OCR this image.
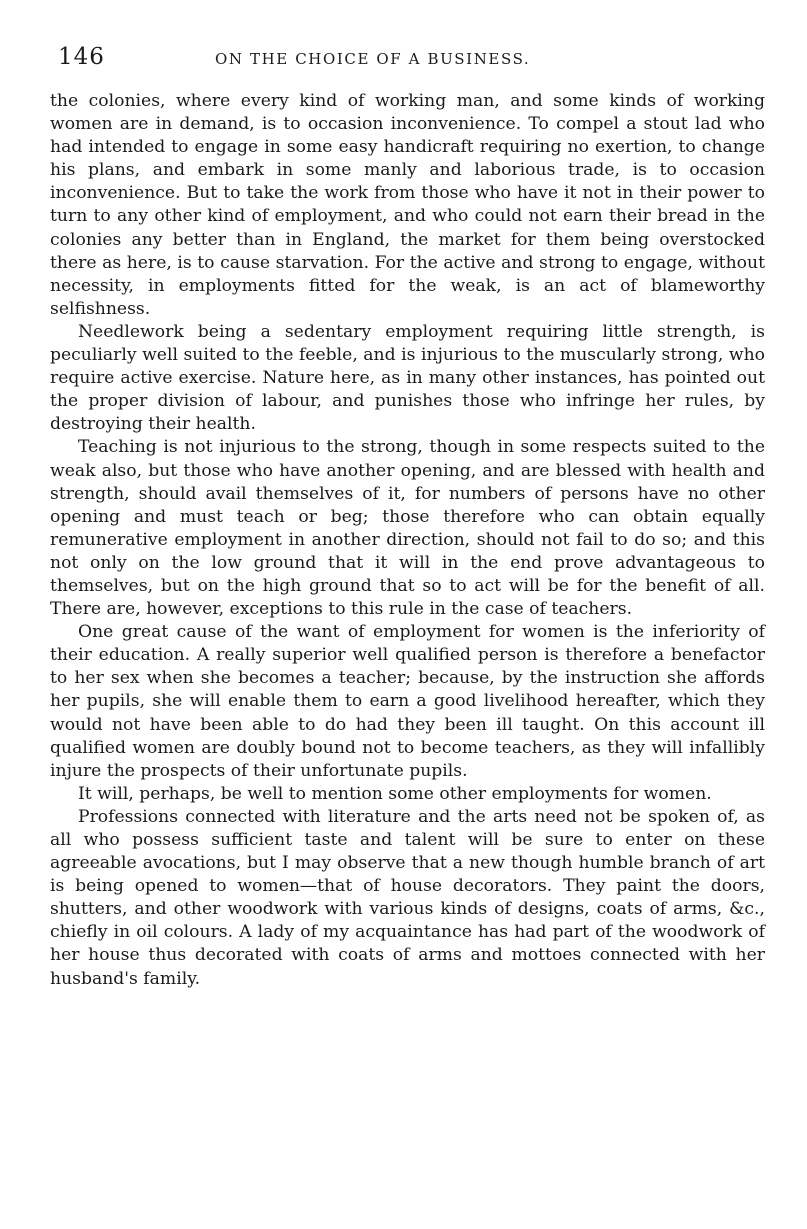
146	ON THE CHOICE OF A BUSINESS.

the colonies, where every kind of working man, and some kinds of working women are in demand, is to occasion inconvenience. To compel a stout lad who had intended to engage in some easy handicraft requiring no exertion, to change his plans, and embark in some manly and laborious trade, is to occasion inconvenience. But to take the work from those who have it not in their power to turn to any other kind of employment, and who could not earn their bread in the colonies any better than in England, the market for them being overstocked there as here, is to cause starvation. For the active and strong to engage, without necessity, in employments fitted for the weak, is an act of blameworthy selfishness.

Needlework being a sedentary employment requiring little strength, is peculiarly well suited to the feeble, and is injurious to the muscularly strong, who require active exercise. Nature here, as in many other instances, has pointed out the proper division of labour, and punishes those who infringe her rules, by destroying their health.

Teaching is not injurious to the strong, though in some respects suited to the weak also, but those who have another opening, and are blessed with health and strength, should avail themselves of it, for numbers of persons have no other opening and must teach or beg; those therefore who can obtain equally remunerative employment in another direction, should not fail to do so; and this not only on the low ground that it will in the end prove advantageous to themselves, but on the high ground that so to act will be for the benefit of all. There are, however, exceptions to this rule in the case of teachers.

One great cause of the want of employment for women is the inferiority of their education. A really superior well qualified person is therefore a benefactor to her sex when she becomes a teacher; because, by the instruction she affords her pupils, she will enable them to earn a good livelihood hereafter, which they would not have been able to do had they been ill taught. On this account ill qualified women are doubly bound not to become teachers, as they will infallibly injure the prospects of their unfortunate pupils.

It will, perhaps, be well to mention some other employments for women.

Professions connected with literature and the arts need not be spoken of, as all who possess sufficient taste and talent will be sure to enter on these agreeable avocations, but I may observe that a new though humble branch of art is being opened to women—that of house decorators. They paint the doors, shutters, and other woodwork with various kinds of designs, coats of arms, &c., chiefly in oil colours. A lady of my acquaintance has had part of the woodwork of her house thus decorated with coats of arms and mottoes connected with her husband's family.
